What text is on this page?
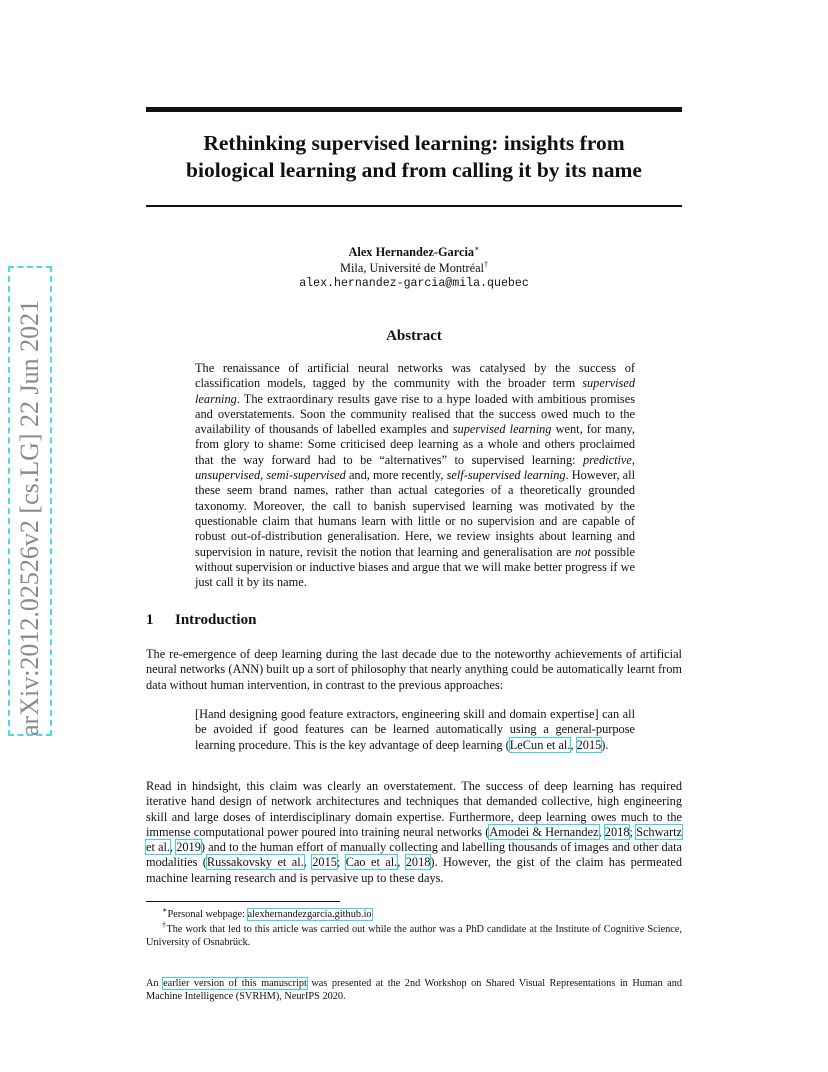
arXiv:2012.02526v2 [cs.LG] 22 Jun 2021
Rethinking supervised learning: insights from
biological learning and from calling it by its name
Alex Hernandez-Garcia∗
Mila, Université de Montréal†
alex.hernandez-garcia@mila.quebec
Abstract
The renaissance of artificial neural networks was catalysed by the success of classification models, tagged by the community with the broader term supervised learning. The extraordinary results gave rise to a hype loaded with ambitious promises and overstatements. Soon the community realised that the success owed much to the availability of thousands of labelled examples and supervised learning went, for many, from glory to shame: Some criticised deep learning as a whole and others proclaimed that the way forward had to be “alternatives” to supervised learning: predictive, unsupervised, semi-supervised and, more recently, self-supervised learning. However, all these seem brand names, rather than actual categories of a theoretically grounded taxonomy. Moreover, the call to banish supervised learning was motivated by the questionable claim that humans learn with little or no supervision and are capable of robust out-of-distribution generalisation. Here, we review insights about learning and supervision in nature, revisit the notion that learning and generalisation are not possible without supervision or inductive biases and argue that we will make better progress if we just call it by its name.
1 Introduction
The re-emergence of deep learning during the last decade due to the noteworthy achievements of artificial neural networks (ANN) built up a sort of philosophy that nearly anything could be automatically learnt from data without human intervention, in contrast to the previous approaches:
[Hand designing good feature extractors, engineering skill and domain expertise] can all be avoided if good features can be learned automatically using a general-purpose learning procedure. This is the key advantage of deep learning (LeCun et al., 2015).
Read in hindsight, this claim was clearly an overstatement. The success of deep learning has required iterative hand design of network architectures and techniques that demanded collective, high engineering skill and large doses of interdisciplinary domain expertise. Furthermore, deep learning owes much to the immense computational power poured into training neural networks (Amodei & Hernandez, 2018; Schwartz et al., 2019) and to the human effort of manually collecting and labelling thousands of images and other data modalities (Russakovsky et al., 2015; Cao et al., 2018). However, the gist of the claim has permeated machine learning research and is pervasive up to these days.
∗Personal webpage: alexhernandezgarcia.github.io
†The work that led to this article was carried out while the author was a PhD candidate at the Institute of Cognitive Science, University of Osnabrück.
An earlier version of this manuscript was presented at the 2nd Workshop on Shared Visual Representations in Human and Machine Intelligence (SVRHM), NeurIPS 2020.
